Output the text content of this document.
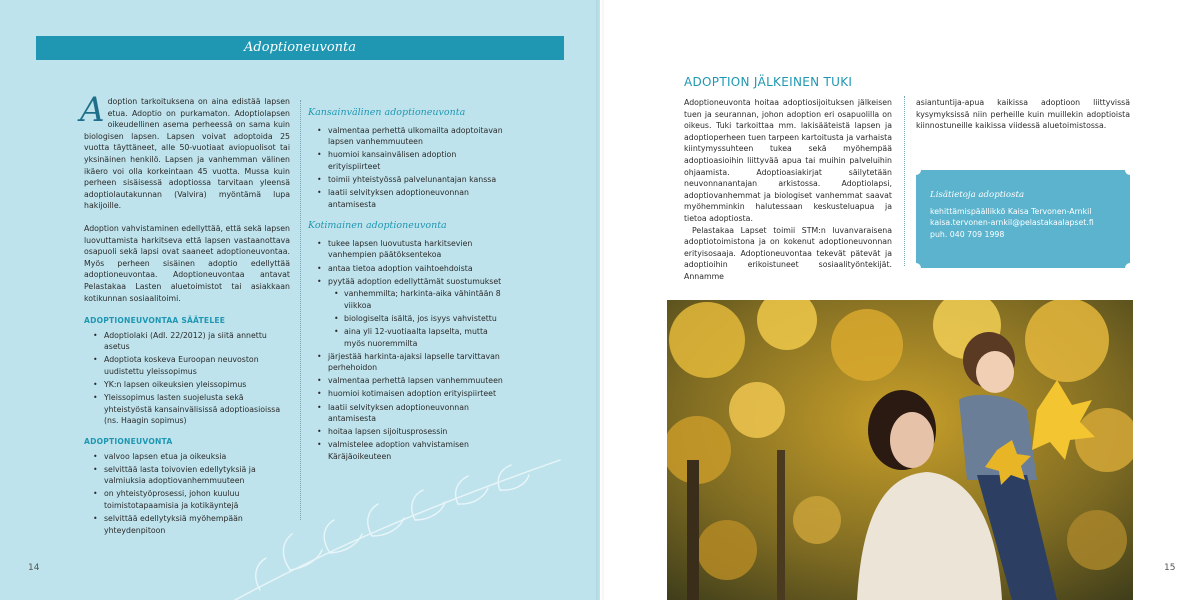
Adoptioneuvonta

Adoption tarkoituksena on aina edistää lapsen etua. Adoptio on purkamaton. Adoptiolapsen oikeudellinen asema perheessä on sama kuin biologisen lapsen. Lapsen voivat adoptoida 25 vuotta täyttäneet, alle 50-vuotiaat aviopuolisot tai yksinäinen henkilö. Lapsen ja vanhemman välinen ikäero voi olla korkeintaan 45 vuotta. Mussa kuin perheen sisäisessä adoptiossa tarvitaan yleensä adoptiolautakunnan (Valvira) myöntämä lupa hakijoille.

Adoption vahvistaminen edellyttää, että sekä lapsen luovuttamista harkitseva että lapsen vastaanottava osapuoli sekä lapsi ovat saaneet adoptioneuvontaa. Myös perheen sisäinen adoptio edellyttää adoptioneuvontaa. Adoptioneuvontaa antavat Pelastakaa Lasten aluetoimistot tai asiakkaan kotikunnan sosiaalitoimi.

ADOPTIONEUVONTAA SÄÄTELEE
• Adoptiolaki (Adl. 22/2012) ja siitä annettu asetus
• Adoptiota koskeva Euroopan neuvoston uudistettu yleissopimus
• YK:n lapsen oikeuksien yleissopimus
• Yleissopimus lasten suojelusta sekä yhteistyöstä kansainvälisissä adoptioasioissa (ns. Haagin sopimus)
ADOPTIONEUVONTA
• valvoo lapsen etua ja oikeuksia
• selvittää lasta toivovien edellytyksiä ja valmiuksia adoptiovanhemmuuteen
• on yhteistyöprosessi, johon kuuluu toimistotapaamisia ja kotikäyntejä
• selvittää edellytyksiä myöhempään yhteydenpitoon
Kansainvälinen adoptioneuvonta
• valmentaa perhettä ulkomailta adoptoitavan lapsen vanhemmuuteen
• huomioi kansainvälisen adoption erityispiirteet
• toimii yhteistyössä palvelunantajan kanssa
• laatii selvityksen adoptioneuvonnan antamisesta
Kotimainen adoptioneuvonta
• tukee lapsen luovutusta harkitsevien vanhempien päätöksentekoa
• antaa tietoa adoption vaihtoehdoista
• pyytää adoption edellyttämät suostumukset
• vanhemmilta; harkinta-aika vähintään 8 viikkoa
• biologiselta isältä, jos isyys vahvistettu
• aina yli 12-vuotiaalta lapselta, mutta myös nuoremmilta
• järjestää harkinta-ajaksi lapselle tarvittavan perhehoidon
• valmentaa perhettä lapsen vanhemmuuteen
• huomioi kotimaisen adoption erityispiirteet
• laatii selvityksen adoptioneuvonnan antamisesta
• hoitaa lapsen sijoitusprosessin
• valmistelee adoption vahvistamisen Käräjäoikeuteen
14
ADOPTION JÄLKEINEN TUKI

Adoptioneuvonta hoitaa adoptiosijoituksen jälkeisen tuen ja seurannan, johon adoption eri osapuolilla on oikeus. Tuki tarkoittaa mm. lakisääteistä lapsen ja adoptioperheen tuen tarpeen kartoitusta ja varhaista kiintymyssuhteen tukea sekä myöhempää adoptioasioihin liittyvää apua tai muihin palveluihin ohjaamista. Adoptioasiakirjat säilytetään neuvonnanantajan arkistossa. Adoptiolapsi, adoptiovanhemmat ja biologiset vanhemmat saavat myöhemminkin halutessaan keskusteluapua ja tietoa adoptiosta.

Pelastakaa Lapset toimii STM:n luvanvaraisena adoptiotoimistona ja on kokenut adoptioneuvonnan erityisosaaja. Adoptioneuvontaa tekevät pätevät ja adoptioihin erikoistuneet sosiaalityöntekijät. Annamme

asiantuntija-apua kaikissa adoptioon liittyvissä kysymyksissä niin perheille kuin muillekin adoptioista kiinnostuneille kaikissa viidessä aluetoimistossa.

Lisätietoja adoptiosta
kehittämispäällikkö Kaisa Tervonen-Arnkil
kaisa.tervonen-arnkil@pelastakaalapset.fi
puh. 040 709 1998
15
